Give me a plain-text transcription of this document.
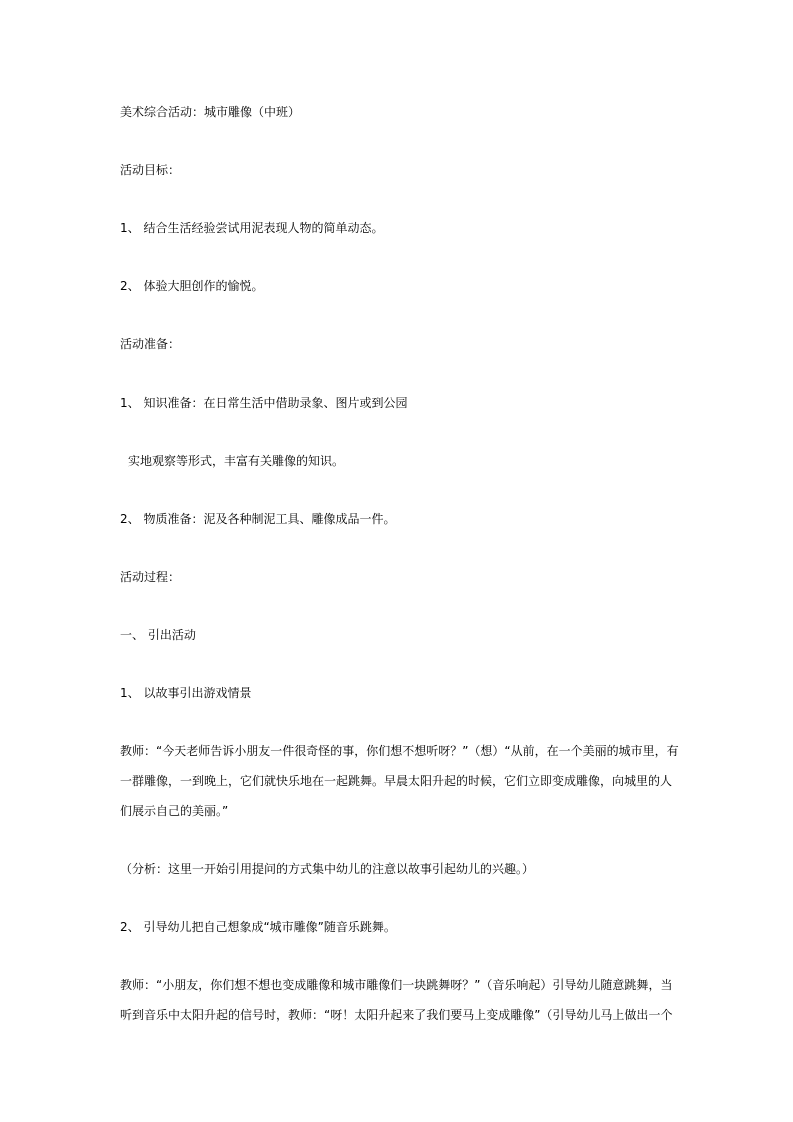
美术综合活动：城市雕像（中班）
活动目标：
1、 结合生活经验尝试用泥表现人物的简单动态。
2、 体验大胆创作的愉悦。
活动准备：
1、 知识准备：在日常生活中借助录象、图片或到公园
实地观察等形式，丰富有关雕像的知识。
2、 物质准备：泥及各种制泥工具、雕像成品一件。
活动过程：
一、 引出活动
1、 以故事引出游戏情景
教师：“今天老师告诉小朋友一件很奇怪的事，你们想不想听呀？”（想）“从前，在一个美丽的城市里，有
一群雕像，一到晚上，它们就快乐地在一起跳舞。早晨太阳升起的时候，它们立即变成雕像，向城里的人
们展示自己的美丽。”
（分析：这里一开始引用提问的方式集中幼儿的注意以故事引起幼儿的兴趣。）
2、 引导幼儿把自己想象成“城市雕像”随音乐跳舞。
教师：“小朋友，你们想不想也变成雕像和城市雕像们一块跳舞呀？”（音乐响起）引导幼儿随意跳舞，当
听到音乐中太阳升起的信号时，教师：“呀！太阳升起来了我们要马上变成雕像”（引导幼儿马上做出一个
